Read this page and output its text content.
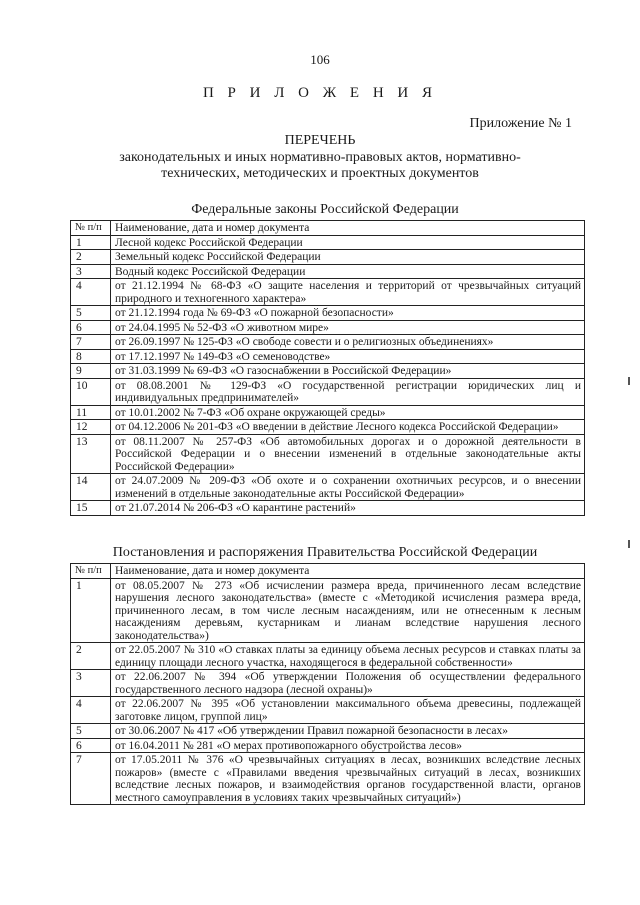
106
П Р И Л О Ж Е Н И Я
Приложение № 1
ПЕРЕЧЕНЬ
законодательных и иных нормативно-правовых актов, нормативно-технических, методических и проектных документов
Федеральные законы Российской Федерации
№ п/п	Наименование, дата и номер документа
1	Лесной кодекс Российской Федерации
2	Земельный кодекс Российской Федерации
3	Водный кодекс Российской Федерации
4	от 21.12.1994 № 68-ФЗ «О защите населения и территорий от чрезвычайных ситуаций природного и техногенного характера»
5	от 21.12.1994 года № 69-ФЗ «О пожарной безопасности»
6	от 24.04.1995 № 52-ФЗ «О животном мире»
7	от 26.09.1997 № 125-ФЗ «О свободе совести и о религиозных объединениях»
8	от 17.12.1997 № 149-ФЗ «О семеноводстве»
9	от 31.03.1999 № 69-ФЗ «О газоснабжении в Российской Федерации»
10	от 08.08.2001 № 129-ФЗ «О государственной регистрации юридических лиц и индивидуальных предпринимателей»
11	от 10.01.2002 № 7-ФЗ «Об охране окружающей среды»
12	от 04.12.2006 № 201-ФЗ «О введении в действие Лесного кодекса Российской Федерации»
13	от 08.11.2007 № 257-ФЗ «Об автомобильных дорогах и о дорожной деятельности в Российской Федерации и о внесении изменений в отдельные законодательные акты Российской Федерации»
14	от 24.07.2009 № 209-ФЗ «Об охоте и о сохранении охотничьих ресурсов, и о внесении изменений в отдельные законодательные акты Российской Федерации»
15	от 21.07.2014 № 206-ФЗ «О карантине растений»
Постановления и распоряжения Правительства Российской Федерации
№ п/п	Наименование, дата и номер документа
1	от 08.05.2007 № 273 «Об исчислении размера вреда, причиненного лесам вследствие нарушения лесного законодательства» (вместе с «Методикой исчисления размера вреда, причиненного лесам, в том числе лесным насаждениям, или не отнесенным к лесным насаждениям деревьям, кустарникам и лианам вследствие нарушения лесного законодательства»)
2	от 22.05.2007 № 310 «О ставках платы за единицу объема лесных ресурсов и ставках платы за единицу площади лесного участка, находящегося в федеральной собственности»
3	от 22.06.2007 № 394 «Об утверждении Положения об осуществлении федерального государственного лесного надзора (лесной охраны)»
4	от 22.06.2007 № 395 «Об установлении максимального объема древесины, подлежащей заготовке лицом, группой лиц»
5	от 30.06.2007 № 417 «Об утверждении Правил пожарной безопасности в лесах»
6	от 16.04.2011 № 281 «О мерах противопожарного обустройства лесов»
7	от 17.05.2011 № 376 «О чрезвычайных ситуациях в лесах, возникших вследствие лесных пожаров» (вместе с «Правилами введения чрезвычайных ситуаций в лесах, возникших вследствие лесных пожаров, и взаимодействия органов государственной власти, органов местного самоуправления в условиях таких чрезвычайных ситуаций»)
